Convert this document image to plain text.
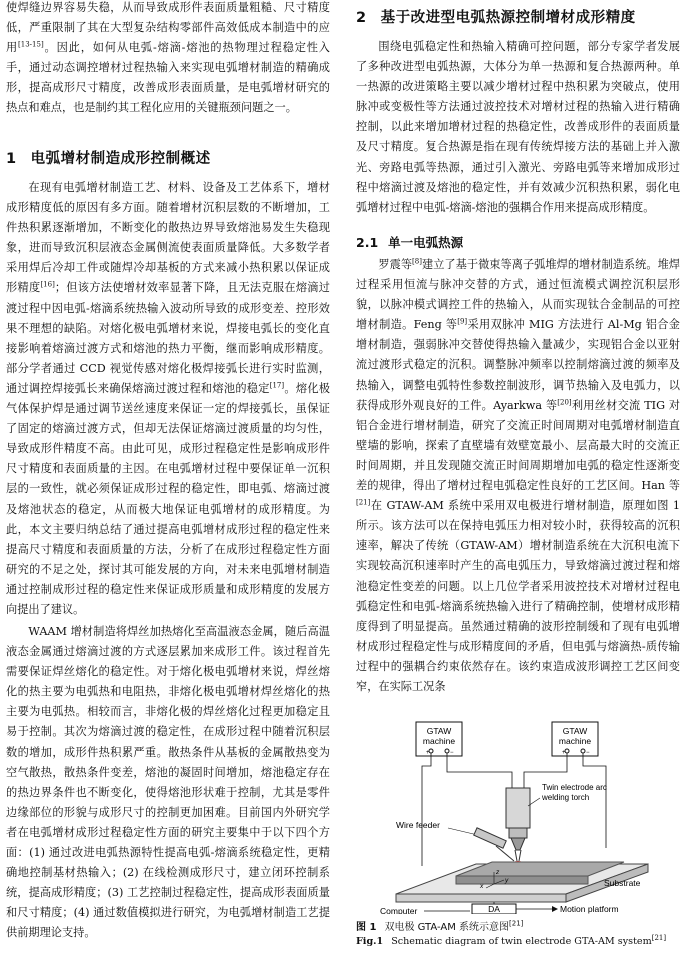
使焊缝边界容易失稳，从而导致成形件表面质量粗糙、尺寸精度低，严重限制了其在大型复杂结构零部件高效低成本制造中的应用[13-15]。因此，如何从电弧-熔滴-熔池的热物理过程稳定性入手，通过动态调控增材过程热输入来实现电弧增材制造的精确成形，提高成形尺寸精度，改善成形表面质量，是电弧增材研究的热点和难点，也是制约其工程化应用的关键瓶颈问题之一。

1 电弧增材制造成形控制概述

在现有电弧增材制造工艺、材料、设备及工艺体系下，增材成形精度低的原因有多方面。随着增材沉积层数的不断增加，工件热积累逐渐增加，不断变化的散热边界导致熔池易发生失稳现象，进而导致沉积层液态金属侧流使表面质量降低。大多数学者采用焊后冷却工件或随焊冷却基板的方式来减小热积累以保证成形精度[16]；但该方法使增材效率显著下降，且无法克服在熔滴过渡过程中因电弧-熔滴系统热输入波动所导致的成形变差、控形效果不理想的缺陷。对熔化极电弧增材来说，焊接电弧长的变化直接影响着熔滴过渡方式和熔池的热力平衡，继而影响成形精度。部分学者通过 CCD 视觉传感对熔化极焊接弧长进行实时监测，通过调控焊接弧长来确保熔滴过渡过程和熔池的稳定[17]。熔化极气体保护焊是通过调节送丝速度来保证一定的焊接弧长，虽保证了固定的熔滴过渡方式，但却无法保证熔滴过渡质量的均匀性，导致成形件精度不高。由此可见，成形过程稳定性是影响成形件尺寸精度和表面质量的主因。在电弧增材过程中要保证单一沉积层的一致性，就必须保证成形过程的稳定性，即电弧、熔滴过渡及熔池状态的稳定，从而极大地保证电弧增材的成形精度。为此，本文主要归纳总结了通过提高电弧增材成形过程的稳定性来提高尺寸精度和表面质量的方法，分析了在成形过程稳定性方面研究的不足之处，探讨其可能发展的方向，对未来电弧增材制造通过控制成形过程的稳定性来保证成形质量和成形精度的发展方向提出了建议。

WAAM 增材制造将焊丝加热熔化至高温液态金属，随后高温液态金属通过熔滴过渡的方式逐层累加来成形工件。该过程首先需要保证焊丝熔化的稳定性。对于熔化极电弧增材来说，焊丝熔化的热主要为电弧热和电阻热，非熔化极电弧增材焊丝熔化的热主要为电弧热。相较而言，非熔化极的焊丝熔化过程更加稳定且易于控制。其次为熔滴过渡的稳定性，在成形过程中随着沉积层数的增加，成形件热积累严重。散热条件从基板的金属散热变为空气散热，散热条件变差，熔池的凝固时间增加，熔池稳定存在的热边界条件也不断变化，使得熔池形状难于控制，尤其是零件边缘部位的形貌与成形尺寸的控制更加困难。目前国内外研究学者在电弧增材成形过程稳定性方面的研究主要集中于以下四个方面：(1) 通过改进电弧热源特性提高电弧-熔滴系统稳定性，更精确地控制基材热输入；(2) 在线检测成形尺寸，建立闭环控制系统，提高成形精度；(3) 工艺控制过程稳定性，提高成形表面质量和尺寸精度；(4) 通过数值模拟进行研究，为电弧增材制造工艺提供前期理论支持。

2 基于改进型电弧热源控制增材成形精度

围绕电弧稳定性和热输入精确可控问题，部分专家学者发展了多种改进型电弧热源，大体分为单一热源和复合热源两种。单一热源的改进策略主要以减少增材过程中热积累为突破点，使用脉冲或变极性等方法通过波控技术对增材过程的热输入进行精确控制，以此来增加增材过程的热稳定性，改善成形件的表面质量及尺寸精度。复合热源是指在现有传统焊接方法的基础上并入激光、旁路电弧等热源，通过引入激光、旁路电弧等来增加成形过程中熔滴过渡及熔池的稳定性，并有效减少沉积热积累，弱化电弧增材过程中电弧-熔滴-熔池的强耦合作用来提高成形精度。

2.1 单一电弧热源

罗震等[8]建立了基于微束等离子弧堆焊的增材制造系统。堆焊过程采用恒流与脉冲交替的方式，通过恒流模式调控沉积层形貌，以脉冲模式调控工件的热输入，从而实现钛合金制品的可控增材制造。Feng 等[9]采用双脉冲 MIG 方法进行 Al-Mg 铝合金增材制造，强弱脉冲交替使得热输入量减少，实现铝合金以亚射流过渡形式稳定的沉积。调整脉冲频率以控制熔滴过渡的频率及热输入，调整电弧特性参数控制波形，调节热输入及电弧力，以获得成形外观良好的工件。Ayarkwa 等[20]利用丝材交流 TIG 对铝合金进行增材制造，研究了交流正时间周期对电弧增材制造直壁墙的影响，探索了直壁墙有效壁宽最小、层高最大时的交流正时间周期，并且发现随交流正时间周期增加电弧的稳定性逐渐变差的规律，得出了增材过程电弧稳定性良好的工艺区间。Han 等[21]在 GTAW-AM 系统中采用双电极进行增材制造，原理如图 1 所示。该方法可以在保持电弧压力相对较小时，获得较高的沉积速率，解决了传统（GTAW-AM）增材制造系统在大沉积电流下实现较高沉积速率时产生的高电弧压力，导致熔滴过渡过程和熔池稳定性变差的问题。以上几位学者采用波控技术对增材过程电弧稳定性和电弧-熔滴系统热输入进行了精确控制，使增材成形精度得到了明显提高。虽然通过精确的波形控制缓和了现有电弧增材成形过程稳定性与成形精度间的矛盾，但电弧与熔滴热-质传输过程中的强耦合约束依然存在。该约束造成波形调控工艺区间变窄，在实际工况条

GTAW
machine
+	−
GTAW
machine
+	−
Twin electrode arc
welding torch
Wire feeder
Substrate
z
y
x
Computer	DA	Motion platform
图 1 双电极 GTA-AM 系统示意图[21]
Fig.1 Schematic diagram of twin electrode GTA-AM system[21]
